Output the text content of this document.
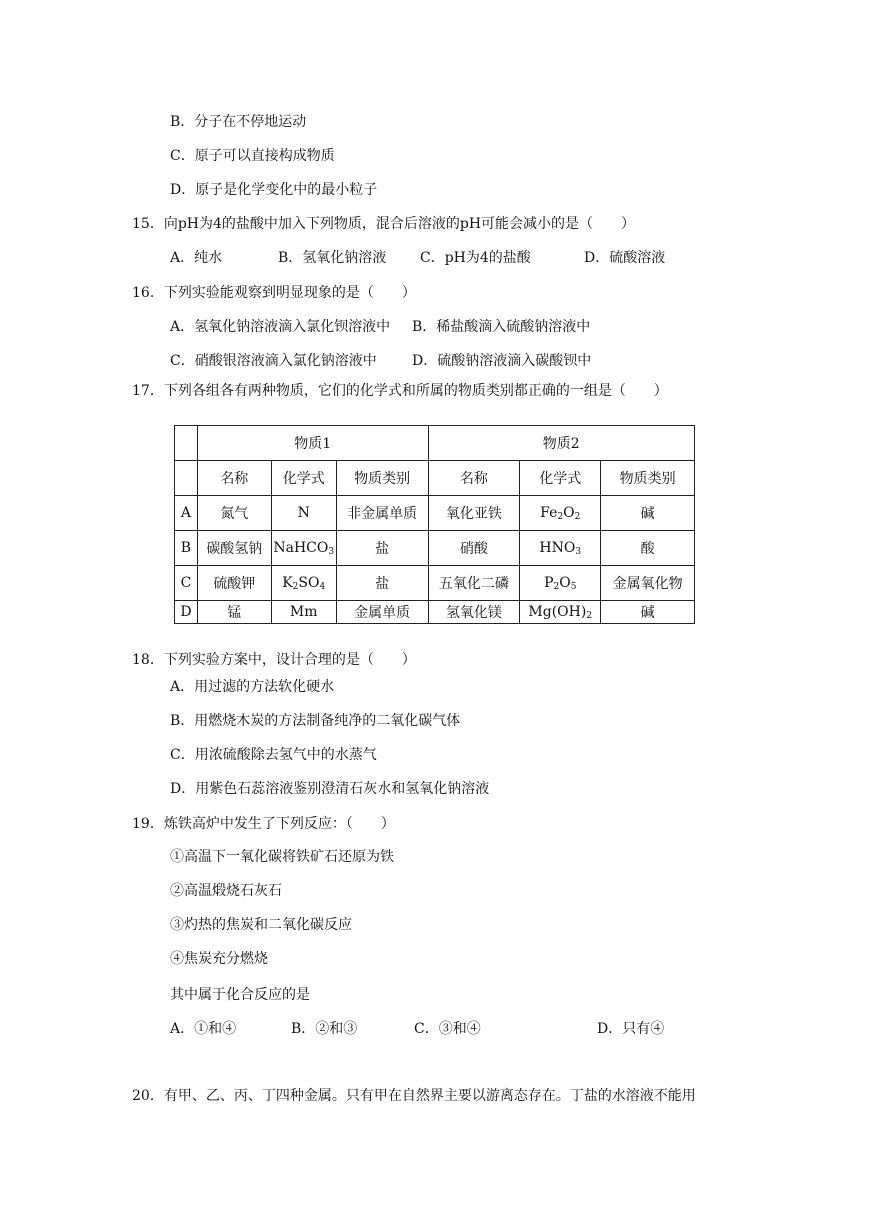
B．分子在不停地运动
C．原子可以直接构成物质
D．原子是化学变化中的最小粒子
15．向pH为4的盐酸中加入下列物质，混合后溶液的pH可能会减小的是（　　）
A．纯水	B．氢氧化钠溶液 C．pH为4的盐酸	D．硫酸溶液
16．下列实验能观察到明显现象的是（　　）
A．氢氧化钠溶液滴入氯化钡溶液中 B．稀盐酸滴入硫酸钠溶液中
C．硝酸银溶液滴入氯化钠溶液中	D．硫酸钠溶液滴入碳酸钡中
17．下列各组各有两种物质，它们的化学式和所属的物质类别都正确的一组是（　　）
	物质1			物质2		
	名称	化学式	物质类别	名称	化学式	物质类别
A	氮气	N	非金属单质	氧化亚铁	$Fe_2O_2$	碱
B	碳酸氢钠	NaHCO$_3$	盐	硝酸	$HNO_3$	酸
C	硫酸钾	$K_2SO_4$	盐	五氧化二磷	$P_2O_5$	金属氧化物
D	锰	Mm	金属单质	氢氧化镁	$Mg(OH)_2$	碱
18．下列实验方案中，设计合理的是（　　）
A．用过滤的方法软化硬水
B．用燃烧木炭的方法制备纯净的二氧化碳气体
C．用浓硫酸除去氢气中的水蒸气
D．用紫色石蕊溶液鉴别澄清石灰水和氢氧化钠溶液
19．炼铁高炉中发生了下列反应：（　　）
①高温下一氧化碳将铁矿石还原为铁
②高温煅烧石灰石
③灼热的焦炭和二氧化碳反应
④焦炭充分燃烧
其中属于化合反应的是
A．①和④	B．②和③	C．③和④	D．只有④
20．有甲、乙、丙、丁四种金属。只有甲在自然界主要以游离态存在。丁盐的水溶液不能用
